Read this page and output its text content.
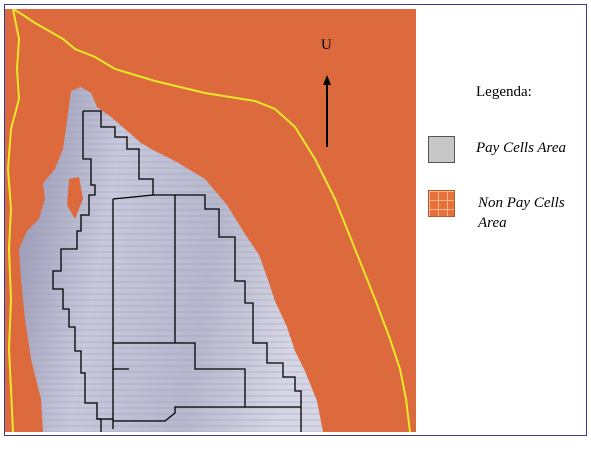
U
Legenda:
Pay Cells Area
Non Pay Cells Area
